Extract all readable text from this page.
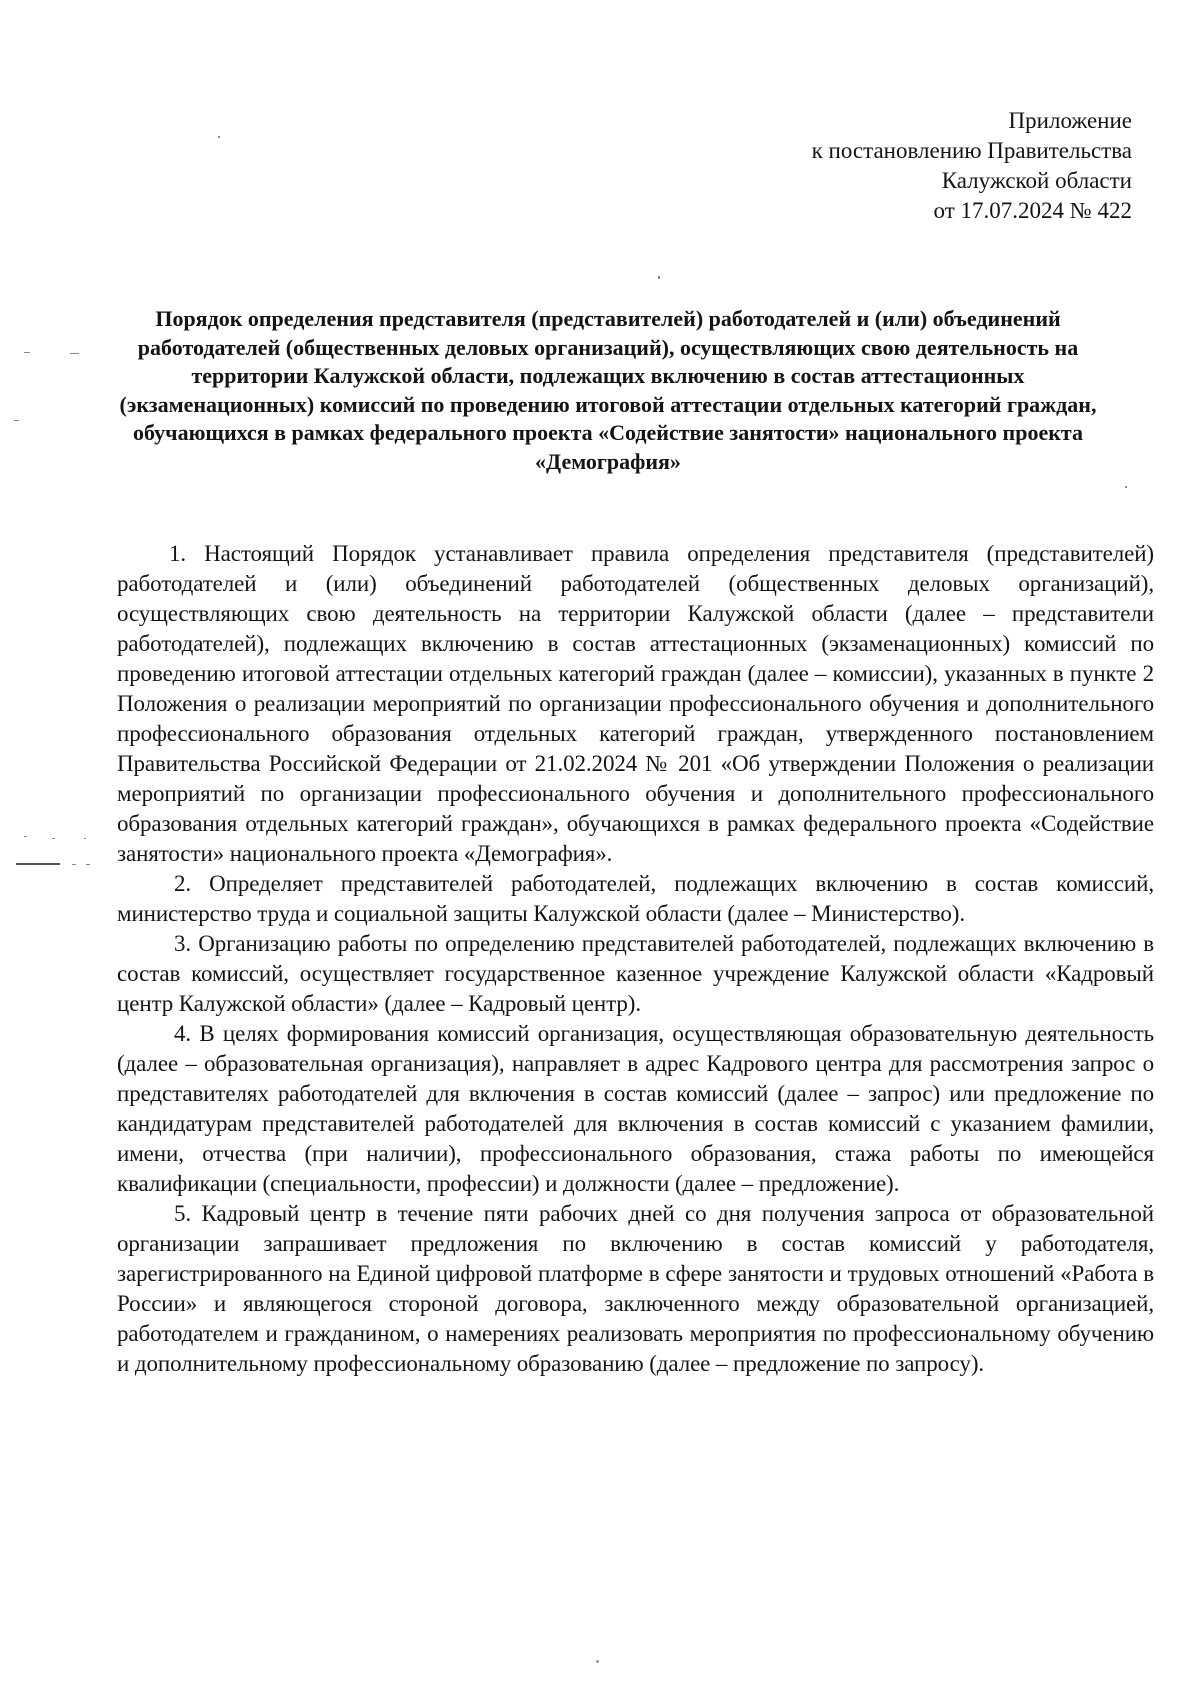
Приложение
к постановлению Правительства
Калужской области
от 17.07.2024 № 422
Порядок определения представителя (представителей) работодателей и (или) объединений работодателей (общественных деловых организаций), осуществляющих свою деятельность на территории Калужской области, подлежащих включению в состав аттестационных (экзаменационных) комиссий по проведению итоговой аттестации отдельных категорий граждан, обучающихся в рамках федерального проекта «Содействие занятости» национального проекта «Демография»

1. Настоящий Порядок устанавливает правила определения представителя (представителей) работодателей и (или) объединений работодателей (общественных деловых организаций), осуществляющих свою деятельность на территории Калужской области (далее – представители работодателей), подлежащих включению в состав аттестационных (экзаменационных) комиссий по проведению итоговой аттестации отдельных категорий граждан (далее – комиссии), указанных в пункте 2 Положения о реализации мероприятий по организации профессионального обучения и дополнительного профессионального образования отдельных категорий граждан, утвержденного постановлением Правительства Российской Федерации от 21.02.2024 № 201 «Об утверждении Положения о реализации мероприятий по организации профессионального обучения и дополнительного профессионального образования отдельных категорий граждан», обучающихся в рамках федерального проекта «Содействие занятости» национального проекта «Демография».

2. Определяет представителей работодателей, подлежащих включению в состав комиссий, министерство труда и социальной защиты Калужской области (далее – Министерство).

3. Организацию работы по определению представителей работодателей, подлежащих включению в состав комиссий, осуществляет государственное казенное учреждение Калужской области «Кадровый центр Калужской области» (далее – Кадровый центр).

4. В целях формирования комиссий организация, осуществляющая образовательную деятельность (далее – образовательная организация), направляет в адрес Кадрового центра для рассмотрения запрос о представителях работодателей для включения в состав комиссий (далее – запрос) или предложение по кандидатурам представителей работодателей для включения в состав комиссий с указанием фамилии, имени, отчества (при наличии), профессионального образования, стажа работы по имеющейся квалификации (специальности, профессии) и должности (далее – предложение).

5. Кадровый центр в течение пяти рабочих дней со дня получения запроса от образовательной организации запрашивает предложения по включению в состав комиссий у работодателя, зарегистрированного на Единой цифровой платформе в сфере занятости и трудовых отношений «Работа в России» и являющегося стороной договора, заключенного между образовательной организацией, работодателем и гражданином, о намерениях реализовать мероприятия по профессиональному обучению и дополнительному профессиональному образованию (далее – предложение по запросу).
